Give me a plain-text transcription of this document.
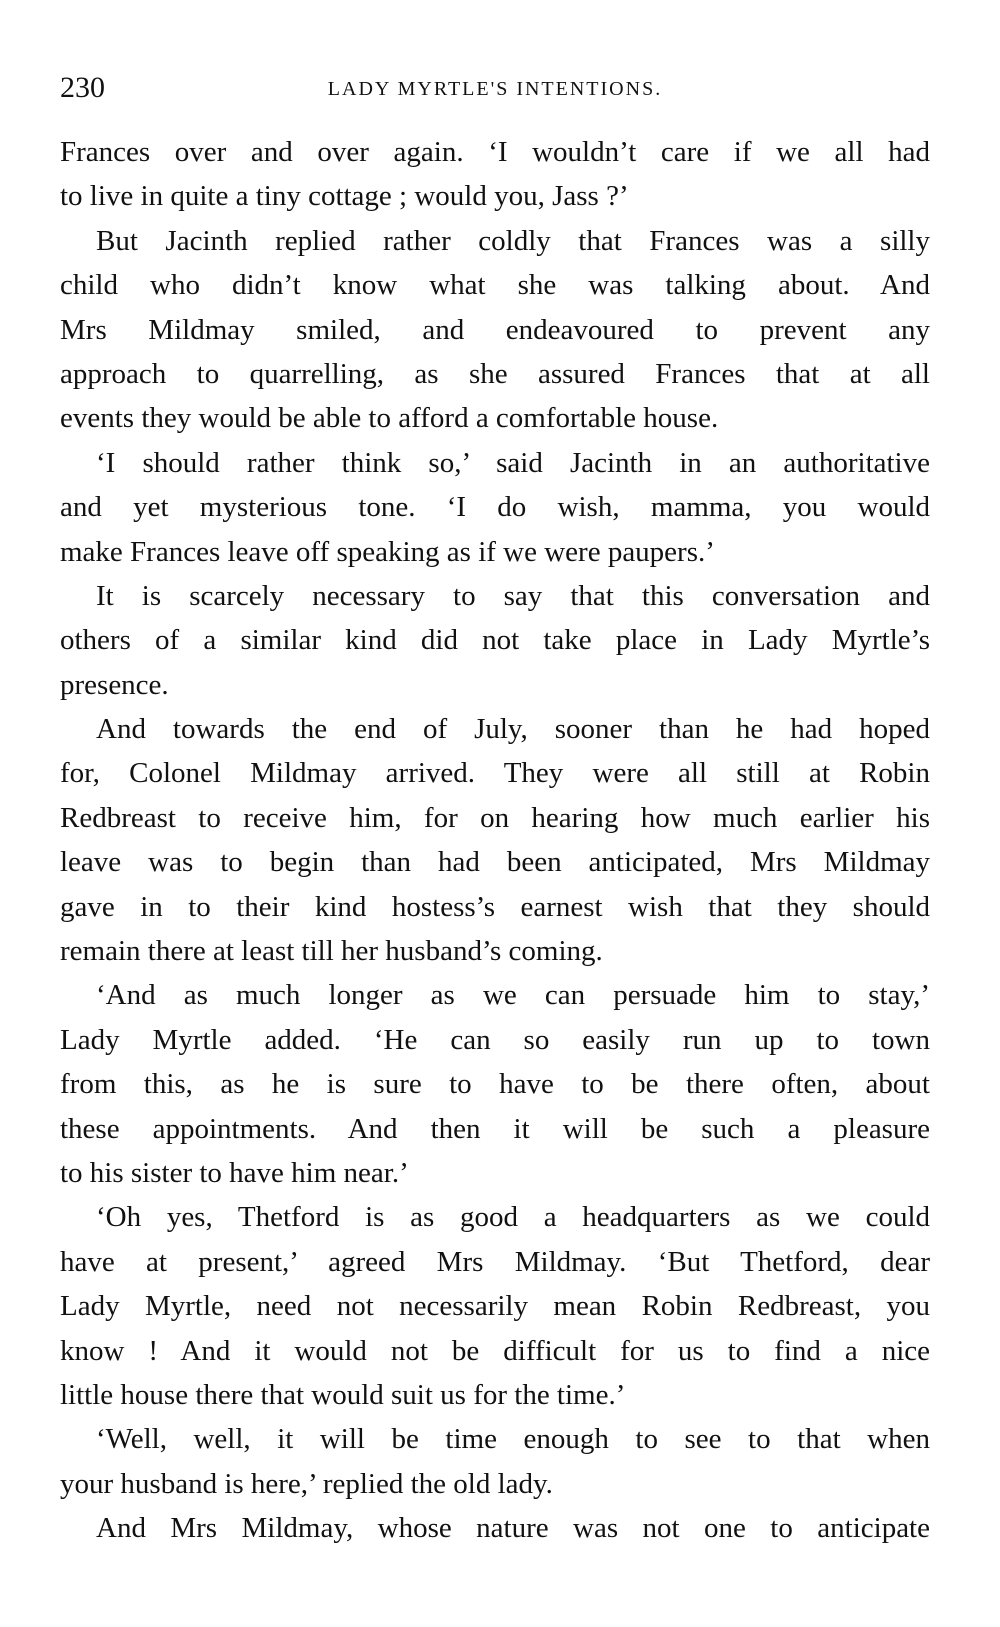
230	LADY MYRTLE'S INTENTIONS.
Frances over and over again. ‘I wouldn’t care if we all had
to live in quite a tiny cottage ; would you, Jass ?’
But Jacinth replied rather coldly that Frances was a silly
child who didn’t know what she was talking about. And
Mrs Mildmay smiled, and endeavoured to prevent any
approach to quarrelling, as she assured Frances that at all
events they would be able to afford a comfortable house.
‘I should rather think so,’ said Jacinth in an authoritative
and yet mysterious tone. ‘I do wish, mamma, you would
make Frances leave off speaking as if we were paupers.’
It is scarcely necessary to say that this conversation and
others of a similar kind did not take place in Lady Myrtle’s
presence.
And towards the end of July, sooner than he had hoped
for, Colonel Mildmay arrived. They were all still at Robin
Redbreast to receive him, for on hearing how much earlier his
leave was to begin than had been anticipated, Mrs Mildmay
gave in to their kind hostess’s earnest wish that they should
remain there at least till her husband’s coming.
‘And as much longer as we can persuade him to stay,’
Lady Myrtle added. ‘He can so easily run up to town
from this, as he is sure to have to be there often, about
these appointments. And then it will be such a pleasure
to his sister to have him near.’
‘Oh yes, Thetford is as good a headquarters as we could
have at present,’ agreed Mrs Mildmay. ‘But Thetford, dear
Lady Myrtle, need not necessarily mean Robin Redbreast, you
know ! And it would not be difficult for us to find a nice
little house there that would suit us for the time.’
‘Well, well, it will be time enough to see to that when
your husband is here,’ replied the old lady.
And Mrs Mildmay, whose nature was not one to anticipate
